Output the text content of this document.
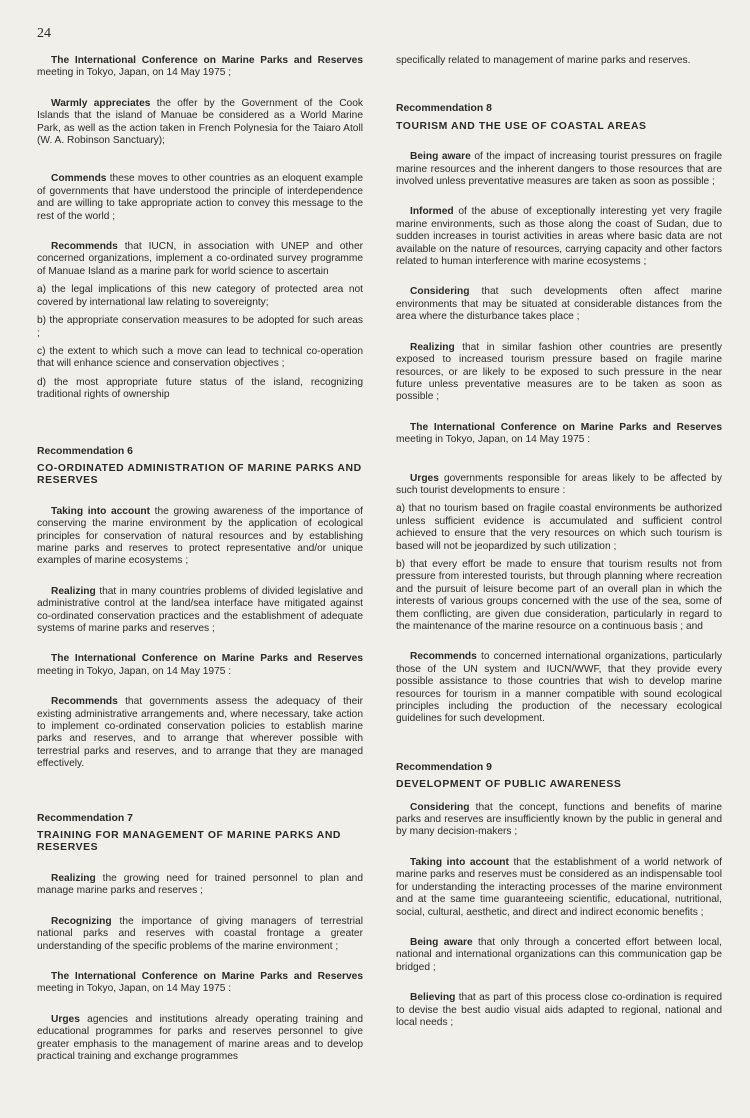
24

The International Conference on Marine Parks and Reserves meeting in Tokyo, Japan, on 14 May 1975 ;

Warmly appreciates the offer by the Government of the Cook Islands that the island of Manuae be considered as a World Marine Park, as well as the action taken in French Polynesia for the Taiaro Atoll (W. A. Robinson Sanctuary);

Commends these moves to other countries as an eloquent example of governments that have understood the principle of interdependence and are willing to take appropriate action to convey this message to the rest of the world ;

Recommends that IUCN, in association with UNEP and other concerned organizations, implement a co-ordinated survey programme of Manuae Island as a marine park for world science to ascertain

a) the legal implications of this new category of protected area not covered by international law relating to sovereignty;

b) the appropriate conservation measures to be adopted for such areas ;

c) the extent to which such a move can lead to technical co-operation that will enhance science and conservation objectives ;

d) the most appropriate future status of the island, recognizing traditional rights of ownership

Recommendation 6

CO-ORDINATED ADMINISTRATION OF MARINE PARKS AND RESERVES

Taking into account the growing awareness of the importance of conserving the marine environment by the application of ecological principles for conservation of natural resources and by establishing marine parks and reserves to protect representative and/or unique examples of marine ecosystems ;

Realizing that in many countries problems of divided legislative and administrative control at the land/sea interface have mitigated against co-ordinated conservation practices and the establishment of adequate systems of marine parks and reserves ;

The International Conference on Marine Parks and Reserves meeting in Tokyo, Japan, on 14 May 1975 :

Recommends that governments assess the adequacy of their existing administrative arrangements and, where necessary, take action to implement co-ordinated conservation policies to establish marine parks and reserves, and to arrange that wherever possible with terrestrial parks and reserves, and to arrange that they are managed effectively.

Recommendation 7

TRAINING FOR MANAGEMENT OF MARINE PARKS AND RESERVES

Realizing the growing need for trained personnel to plan and manage marine parks and reserves ;

Recognizing the importance of giving managers of terrestrial national parks and reserves with coastal frontage a greater understanding of the specific problems of the marine environment ;

The International Conference on Marine Parks and Reserves meeting in Tokyo, Japan, on 14 May 1975 :

Urges agencies and institutions already operating training and educational programmes for parks and reserves personnel to give greater emphasis to the management of marine areas and to develop practical training and exchange programmes

specifically related to management of marine parks and reserves.

Recommendation 8

TOURISM AND THE USE OF COASTAL AREAS

Being aware of the impact of increasing tourist pressures on fragile marine resources and the inherent dangers to those resources that are involved unless preventative measures are taken as soon as possible ;

Informed of the abuse of exceptionally interesting yet very fragile marine environments, such as those along the coast of Sudan, due to sudden increases in tourist activities in areas where basic data are not available on the nature of resources, carrying capacity and other factors related to human interference with marine ecosystems ;

Considering that such developments often affect marine environments that may be situated at considerable distances from the area where the disturbance takes place ;

Realizing that in similar fashion other countries are presently exposed to increased tourism pressure based on fragile marine resources, or are likely to be exposed to such pressure in the near future unless preventative measures are to be taken as soon as possible ;

The International Conference on Marine Parks and Reserves meeting in Tokyo, Japan, on 14 May 1975 :

Urges governments responsible for areas likely to be affected by such tourist developments to ensure :

a) that no tourism based on fragile coastal environments be authorized unless sufficient evidence is accumulated and sufficient control achieved to ensure that the very resources on which such tourism is based will not be jeopardized by such utilization ;

b) that every effort be made to ensure that tourism results not from pressure from interested tourists, but through planning where recreation and the pursuit of leisure become part of an overall plan in which the interests of various groups concerned with the use of the sea, some of them conflicting, are given due consideration, particularly in regard to the maintenance of the marine resource on a continuous basis ; and

Recommends to concerned international organizations, particularly those of the UN system and IUCN/WWF, that they provide every possible assistance to those countries that wish to develop marine resources for tourism in a manner compatible with sound ecological principles including the production of the necessary ecological guidelines for such development.

Recommendation 9

DEVELOPMENT OF PUBLIC AWARENESS

Considering that the concept, functions and benefits of marine parks and reserves are insufficiently known by the public in general and by many decision-makers ;

Taking into account that the establishment of a world network of marine parks and reserves must be considered as an indispensable tool for understanding the interacting processes of the marine environment and at the same time guaranteeing scientific, educational, nutritional, social, cultural, aesthetic, and direct and indirect economic benefits ;

Being aware that only through a concerted effort between local, national and international organizations can this communication gap be bridged ;

Believing that as part of this process close co-ordination is required to devise the best audio visual aids adapted to regional, national and local needs ;
